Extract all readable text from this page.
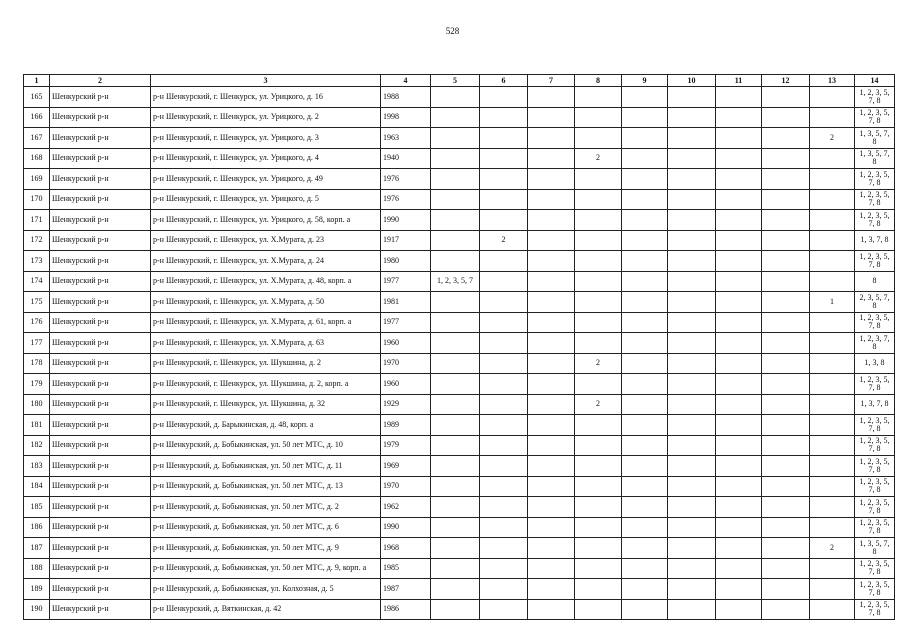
528
1	2	3	4	5	6	7	8	9	10	11	12	13	14
165	Шенкурский р-н	р-н Шенкурский, г. Шенкурск, ул. Урицкого, д. 16	1988										1, 2, 3, 5, 7, 8
166	Шенкурский р-н	р-н Шенкурский, г. Шенкурск, ул. Урицкого, д. 2	1998										1, 2, 3, 5, 7, 8
167	Шенкурский р-н	р-н Шенкурский, г. Шенкурск, ул. Урицкого, д. 3	1963									2	1, 3, 5, 7, 8
168	Шенкурский р-н	р-н Шенкурский, г. Шенкурск, ул. Урицкого, д. 4	1940				2						1, 3, 5, 7, 8
169	Шенкурский р-н	р-н Шенкурский, г. Шенкурск, ул. Урицкого, д. 49	1976										1, 2, 3, 5, 7, 8
170	Шенкурский р-н	р-н Шенкурский, г. Шенкурск, ул. Урицкого, д. 5	1976										1, 2, 3, 5, 7, 8
171	Шенкурский р-н	р-н Шенкурский, г. Шенкурск, ул. Урицкого, д. 58, корп. а	1990										1, 2, 3, 5, 7, 8
172	Шенкурский р-н	р-н Шенкурский, г. Шенкурск, ул. Х.Мурата, д. 23	1917		2								1, 3, 7, 8
173	Шенкурский р-н	р-н Шенкурский, г. Шенкурск, ул. Х.Мурата, д. 24	1980										1, 2, 3, 5, 7, 8
174	Шенкурский р-н	р-н Шенкурский, г. Шенкурск, ул. Х.Мурата, д. 48, корп. а	1977	1, 2, 3, 5, 7									8
175	Шенкурский р-н	р-н Шенкурский, г. Шенкурск, ул. Х.Мурата, д. 50	1981									1	2, 3, 5, 7, 8
176	Шенкурский р-н	р-н Шенкурский, г. Шенкурск, ул. Х.Мурата, д. 61, корп. а	1977										1, 2, 3, 5, 7, 8
177	Шенкурский р-н	р-н Шенкурский, г. Шенкурск, ул. Х.Мурата, д. 63	1960										1, 2, 3, 7, 8
178	Шенкурский р-н	р-н Шенкурский, г. Шенкурск, ул. Шукшина, д. 2	1970				2						1, 3, 8
179	Шенкурский р-н	р-н Шенкурский, г. Шенкурск, ул. Шукшина, д. 2, корп. а	1960										1, 2, 3, 5, 7, 8
180	Шенкурский р-н	р-н Шенкурский, г. Шенкурск, ул. Шукшина, д. 32	1929				2						1, 3, 7, 8
181	Шенкурский р-н	р-н Шенкурский, д. Барыкинская, д. 48, корп. а	1989										1, 2, 3, 5, 7, 8
182	Шенкурский р-н	р-н Шенкурский, д. Бобыкинская, ул. 50 лет МТС, д. 10	1979										1, 2, 3, 5, 7, 8
183	Шенкурский р-н	р-н Шенкурский, д. Бобыкинская, ул. 50 лет МТС, д. 11	1969										1, 2, 3, 5, 7, 8
184	Шенкурский р-н	р-н Шенкурский, д. Бобыкинская, ул. 50 лет МТС, д. 13	1970										1, 2, 3, 5, 7, 8
185	Шенкурский р-н	р-н Шенкурский, д. Бобыкинская, ул. 50 лет МТС, д. 2	1962										1, 2, 3, 5, 7, 8
186	Шенкурский р-н	р-н Шенкурский, д. Бобыкинская, ул. 50 лет МТС, д. 6	1990										1, 2, 3, 5, 7, 8
187	Шенкурский р-н	р-н Шенкурский, д. Бобыкинская, ул. 50 лет МТС, д. 9	1968									2	1, 3, 5, 7, 8
188	Шенкурский р-н	р-н Шенкурский, д. Бобыкинская, ул. 50 лет МТС, д. 9, корп. а	1985										1, 2, 3, 5, 7, 8
189	Шенкурский р-н	р-н Шенкурский, д. Бобыкинская, ул. Колхозная, д. 5	1987										1, 2, 3, 5, 7, 8
190	Шенкурский р-н	р-н Шенкурский, д. Вяткинская, д. 42	1986										1, 2, 3, 5, 7, 8
